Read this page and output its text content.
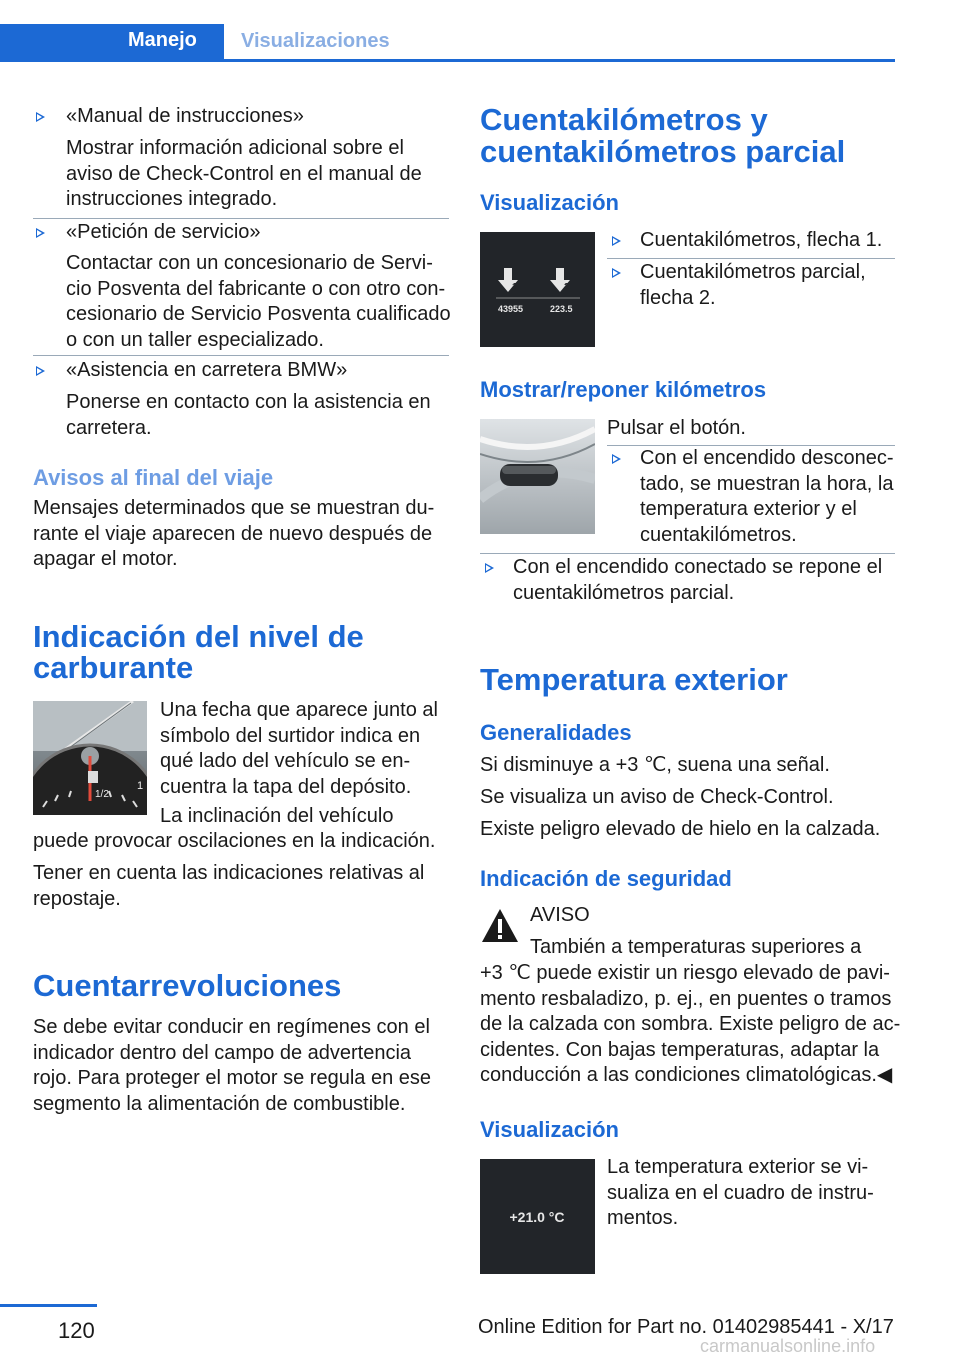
Manejo Visualizaciones
«Manual de instrucciones»
Mostrar información adicional sobre el
aviso de Check-Control en el manual de
instrucciones integrado.
«Petición de servicio»
Contactar con un concesionario de Servi-
cio Posventa del fabricante o con otro con-
cesionario de Servicio Posventa cualificado
o con un taller especializado.
«Asistencia en carretera BMW»
Ponerse en contacto con la asistencia en
carretera.
Avisos al final del viaje
Mensajes determinados que se muestran du-
rante el viaje aparecen de nuevo después de
apagar el motor.
Indicación del nivel de
carburante
1/2
1
Una fecha que aparece junto al
símbolo del surtidor indica en
qué lado del vehículo se en-
cuentra la tapa del depósito.
La inclinación del vehículo
puede provocar oscilaciones en la indicación.
Tener en cuenta las indicaciones relativas al
repostaje.
Cuentarrevoluciones
Se debe evitar conducir en regímenes con el
indicador dentro del campo de advertencia
rojo. Para proteger el motor se regula en ese
segmento la alimentación de combustible.
Cuentakilómetros y
cuentakilómetros parcial
Visualización
1	2
43955	223.5
Cuentakilómetros, flecha 1.
Cuentakilómetros parcial,
flecha 2.
Mostrar/reponer kilómetros
Pulsar el botón.
Con el encendido desconec-
tado, se muestran la hora, la
temperatura exterior y el
cuentakilómetros.
Con el encendido conectado se repone el
cuentakilómetros parcial.
Temperatura exterior
Generalidades
Si disminuye a +3 ℃, suena una señal.
Se visualiza un aviso de Check-Control.
Existe peligro elevado de hielo en la calzada.
Indicación de seguridad
AVISO
También a temperaturas superiores a
+3 ℃ puede existir un riesgo elevado de pavi-
mento resbaladizo, p. ej., en puentes o tramos
de la calzada con sombra. Existe peligro de ac-
cidentes. Con bajas temperaturas, adaptar la
conducción a las condiciones climatológicas.◀
Visualización
+21.0 °C
La temperatura exterior se vi-
sualiza en el cuadro de instru-
mentos.
120	Online Edition for Part no. 01402985441 - X/17
carmanualsonline.info
